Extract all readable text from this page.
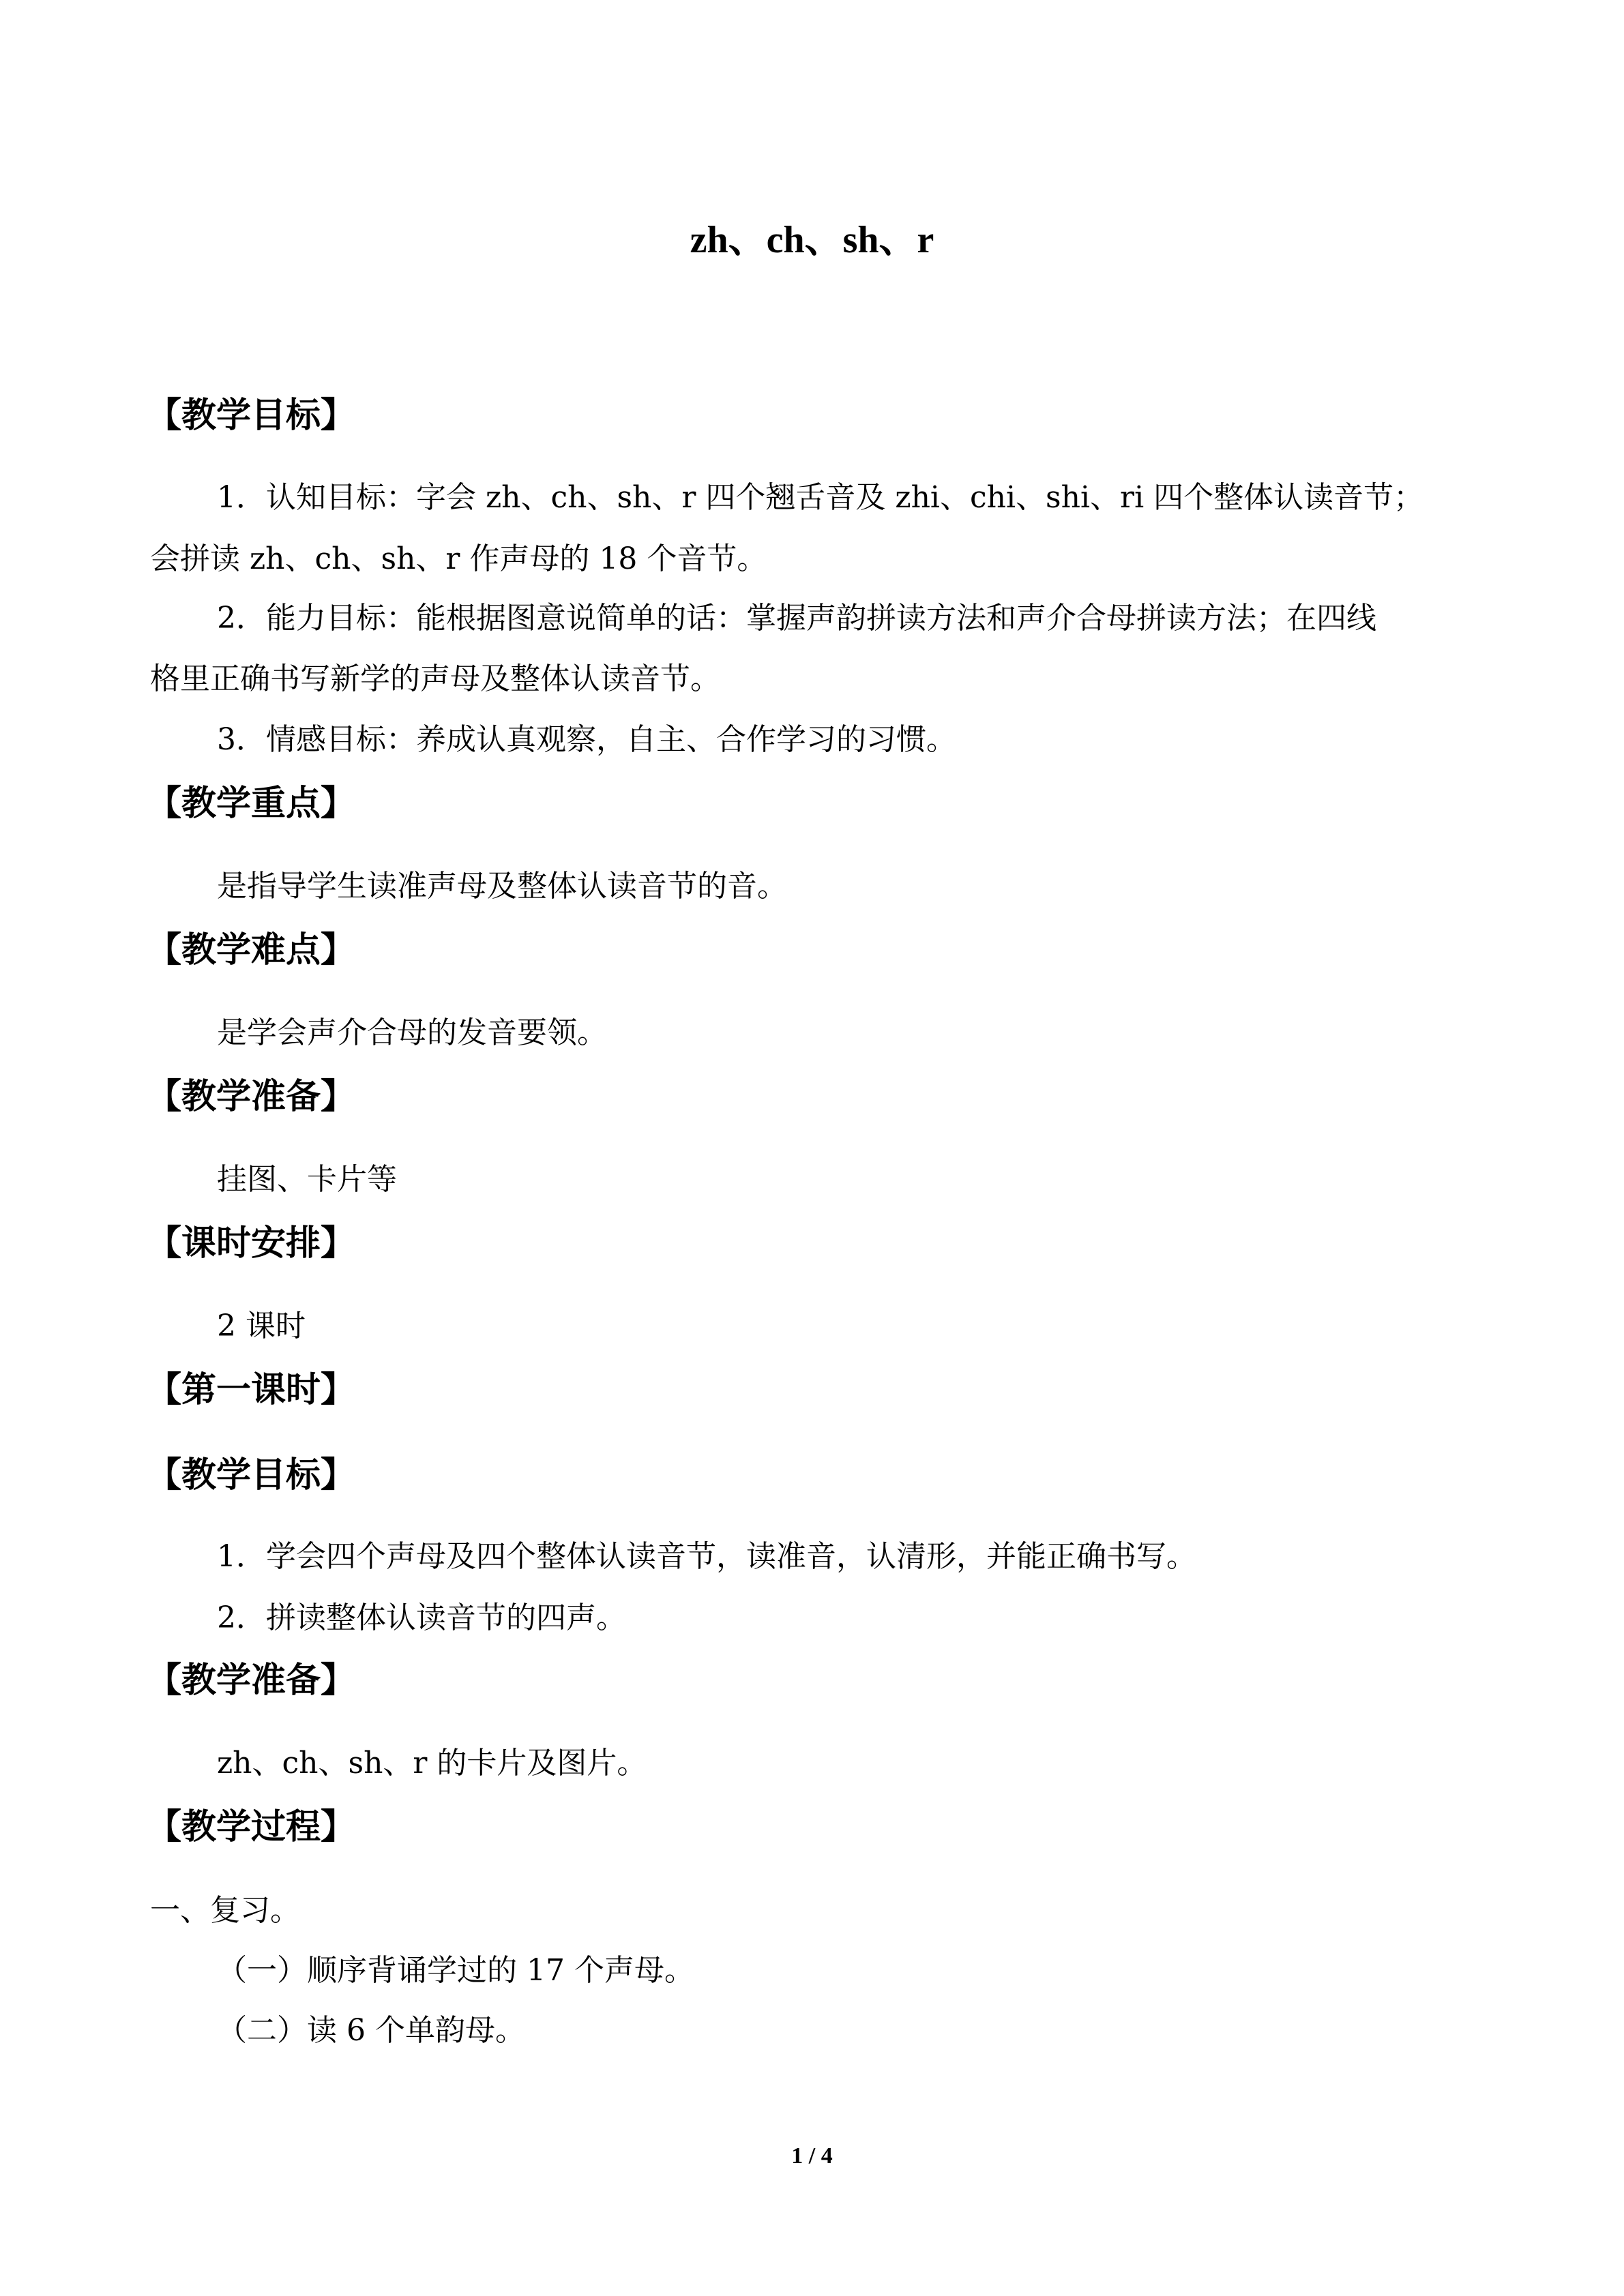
zh、ch、sh、r
【教学目标】
1．认知目标：字会 zh、ch、sh、r 四个翘舌音及 zhi、chi、shi、ri 四个整体认读音节；
会拼读 zh、ch、sh、r 作声母的 18 个音节。
2．能力目标：能根据图意说简单的话：掌握声韵拼读方法和声介合母拼读方法；在四线
格里正确书写新学的声母及整体认读音节。
3．情感目标：养成认真观察，自主、合作学习的习惯。
【教学重点】
是指导学生读准声母及整体认读音节的音。
【教学难点】
是学会声介合母的发音要领。
【教学准备】
挂图、卡片等
【课时安排】
2 课时
【第一课时】
【教学目标】
1．学会四个声母及四个整体认读音节，读准音，认清形，并能正确书写。
2．拼读整体认读音节的四声。
【教学准备】
zh、ch、sh、r 的卡片及图片。
【教学过程】
一、复习。
（一）顺序背诵学过的 17 个声母。
（二）读 6 个单韵母。
1 / 4
